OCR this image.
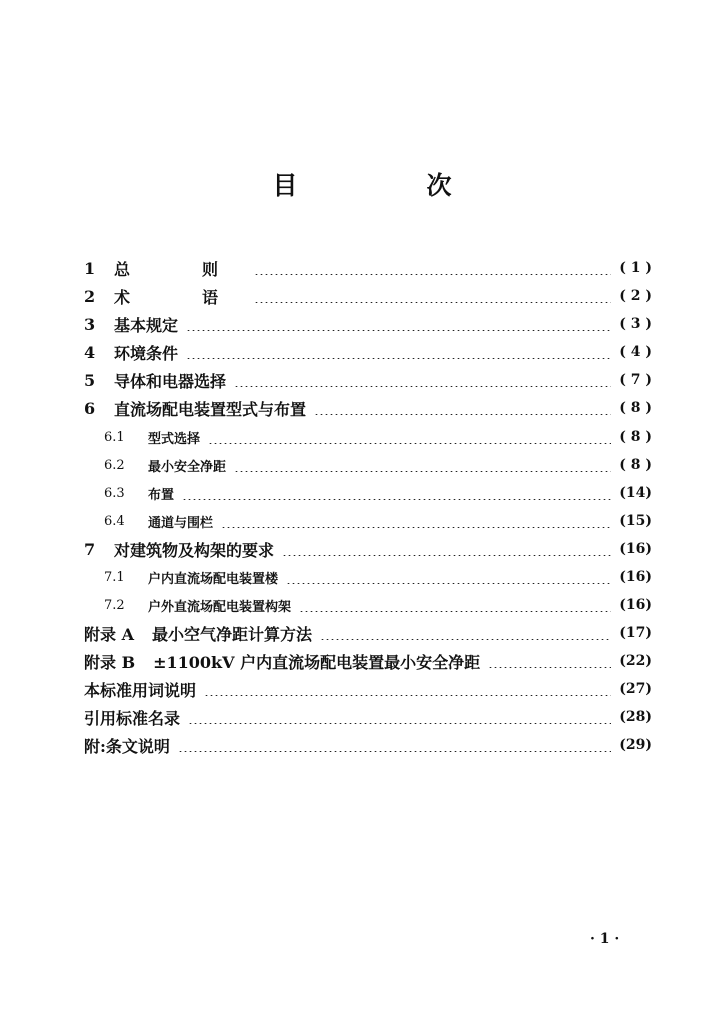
目　次
1	总　则	( 1 )
2	术　语	( 2 )
3	基本规定	( 3 )
4	环境条件	( 4 )
5	导体和电器选择	( 7 )
6	直流场配电装置型式与布置	( 8 )
6.1	型式选择	( 8 )
6.2	最小安全净距	( 8 )
6.3	布置	(14)
6.4	通道与围栏	(15)
7	对建筑物及构架的要求	(16)
7.1	户内直流场配电装置楼	(16)
7.2	户外直流场配电装置构架	(16)
附录 A 最小空气净距计算方法	(17)
附录 B ±1100kV 户内直流场配电装置最小安全净距	(22)
本标准用词说明	(27)
引用标准名录	(28)
附:条文说明	(29)
· 1 ·
